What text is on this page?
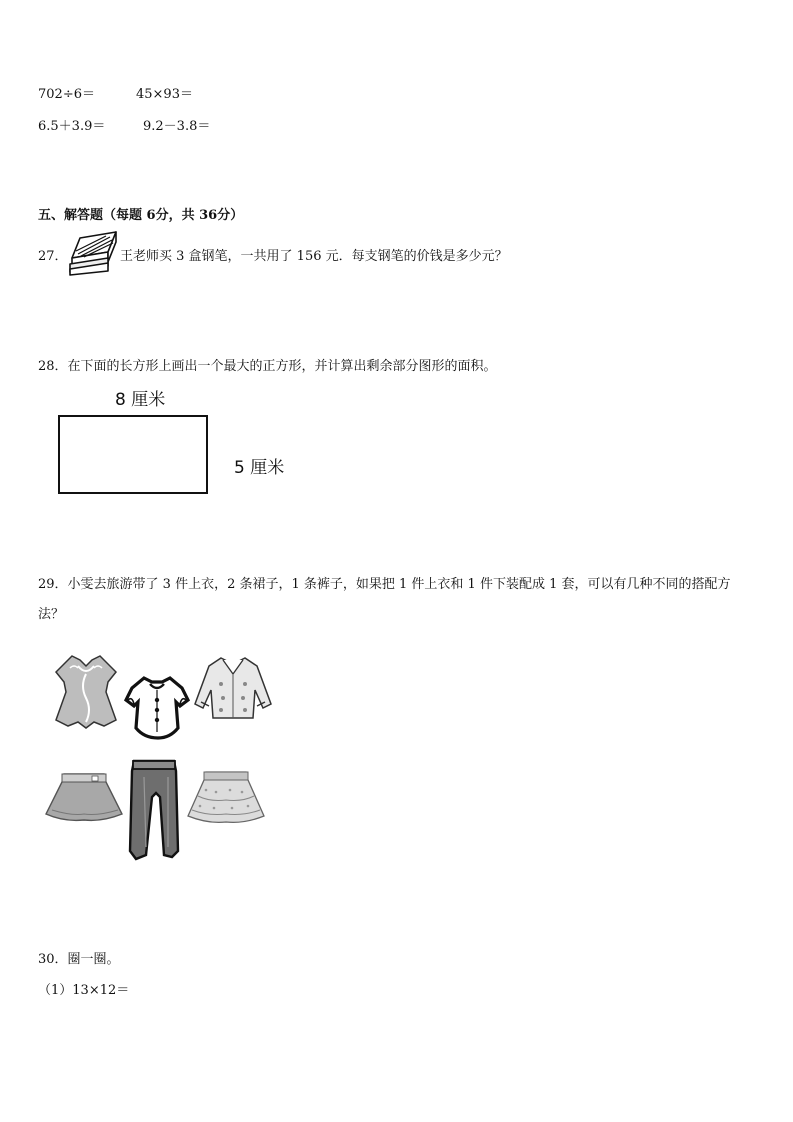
702÷6＝	45×93＝
6.5＋3.9＝	9.2－3.8＝
五、解答题（每题 6分，共 36分）
27．	王老师买 3 盒钢笔，一共用了 156 元．每支钢笔的价钱是多少元？
28．在下面的长方形上画出一个最大的正方形，并计算出剩余部分图形的面积。
8 厘米
5 厘米
29．小雯去旅游带了 3 件上衣，2 条裙子，1 条裤子，如果把 1 件上衣和 1 件下装配成 1 套，可以有几种不同的搭配方
法？
30．圈一圈。
（1）13×12＝
